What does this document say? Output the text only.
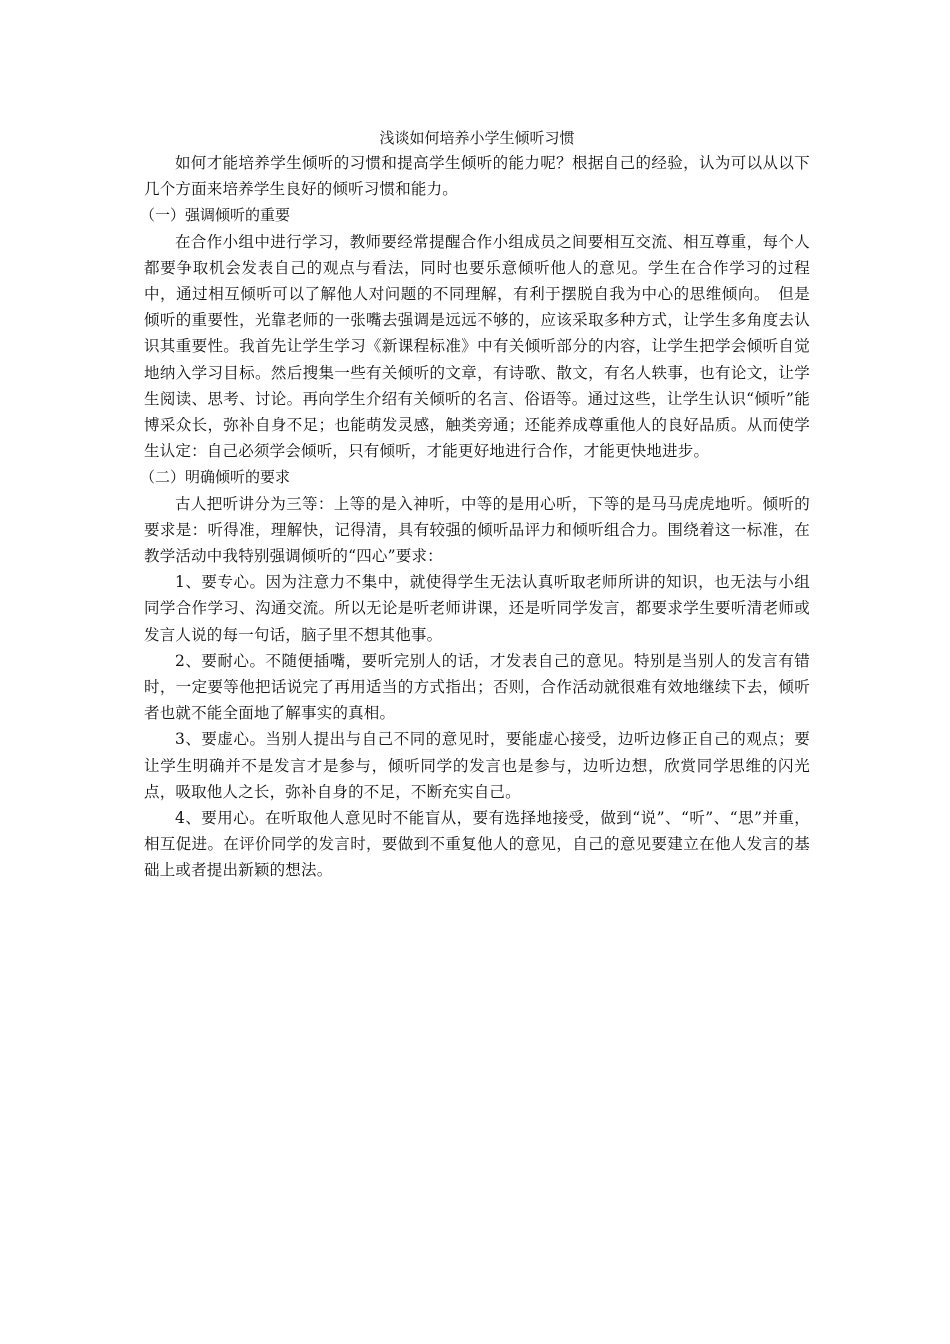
浅谈如何培养小学生倾听习惯

如何才能培养学生倾听的习惯和提高学生倾听的能力呢？根据自己的经验，认为可以从以下几个方面来培养学生良好的倾听习惯和能力。

（一）强调倾听的重要

在合作小组中进行学习，教师要经常提醒合作小组成员之间要相互交流、相互尊重，每个人都要争取机会发表自己的观点与看法，同时也要乐意倾听他人的意见。学生在合作学习的过程中，通过相互倾听可以了解他人对问题的不同理解，有利于摆脱自我为中心的思维倾向。　但是倾听的重要性，光靠老师的一张嘴去强调是远远不够的，应该采取多种方式，让学生多角度去认识其重要性。我首先让学生学习《新课程标准》中有关倾听部分的内容，让学生把学会倾听自觉地纳入学习目标。然后搜集一些有关倾听的文章，有诗歌、散文，有名人轶事，也有论文，让学生阅读、思考、讨论。再向学生介绍有关倾听的名言、俗语等。通过这些，让学生认识“倾听”能博采众长，弥补自身不足；也能萌发灵感，触类旁通；还能养成尊重他人的良好品质。从而使学生认定：自己必须学会倾听，只有倾听，才能更好地进行合作，才能更快地进步。

（二）明确倾听的要求

古人把听讲分为三等：上等的是入神听，中等的是用心听，下等的是马马虎虎地听。倾听的要求是：听得准，理解快，记得清，具有较强的倾听品评力和倾听组合力。围绕着这一标准，在教学活动中我特别强调倾听的“四心”要求：

1、要专心。因为注意力不集中，就使得学生无法认真听取老师所讲的知识，也无法与小组同学合作学习、沟通交流。所以无论是听老师讲课，还是听同学发言，都要求学生要听清老师或发言人说的每一句话，脑子里不想其他事。

2、要耐心。不随便插嘴，要听完别人的话，才发表自己的意见。特别是当别人的发言有错时，一定要等他把话说完了再用适当的方式指出；否则，合作活动就很难有效地继续下去，倾听者也就不能全面地了解事实的真相。

3、要虚心。当别人提出与自己不同的意见时，要能虚心接受，边听边修正自己的观点；要让学生明确并不是发言才是参与，倾听同学的发言也是参与，边听边想，欣赏同学思维的闪光点，吸取他人之长，弥补自身的不足，不断充实自己。

4、要用心。在听取他人意见时不能盲从，要有选择地接受，做到“说”、“听”、“思”并重，相互促进。在评价同学的发言时，要做到不重复他人的意见，自己的意见要建立在他人发言的基础上或者提出新颖的想法。
